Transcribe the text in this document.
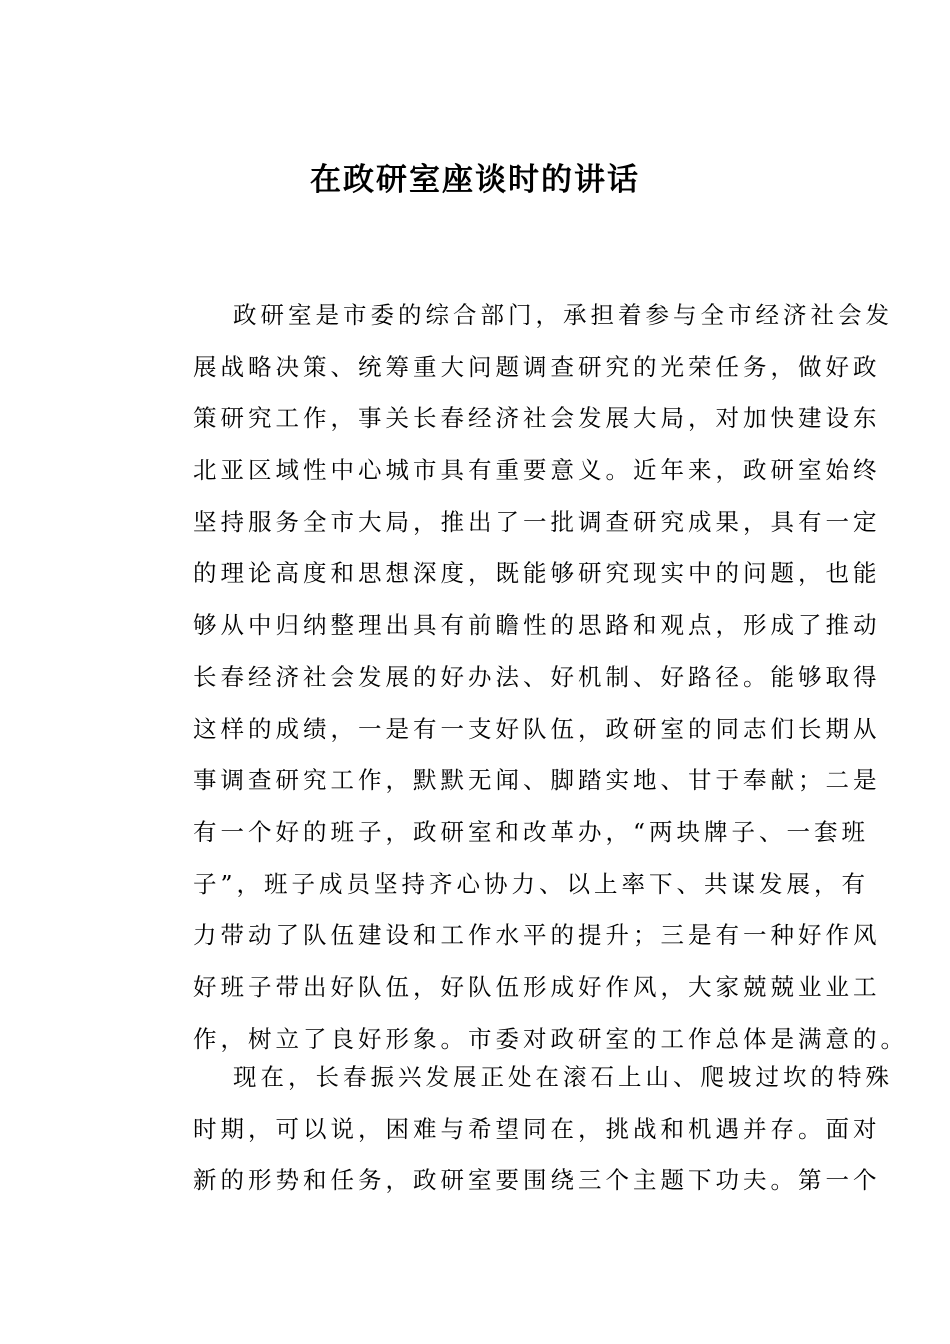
在政研室座谈时的讲话
政研室是市委的综合部门，承担着参与全市经济社会发
展战略决策、统筹重大问题调查研究的光荣任务，做好政
策研究工作，事关长春经济社会发展大局，对加快建设东
北亚区域性中心城市具有重要意义。近年来，政研室始终
坚持服务全市大局，推出了一批调查研究成果，具有一定
的理论高度和思想深度，既能够研究现实中的问题，也能
够从中归纳整理出具有前瞻性的思路和观点，形成了推动
长春经济社会发展的好办法、好机制、好路径。能够取得
这样的成绩，一是有一支好队伍，政研室的同志们长期从
事调查研究工作，默默无闻、脚踏实地、甘于奉献；二是
有一个好的班子，政研室和改革办，“两块牌子、一套班
子”，班子成员坚持齐心协力、以上率下、共谋发展，有
力带动了队伍建设和工作水平的提升；三是有一种好作风
好班子带出好队伍，好队伍形成好作风，大家兢兢业业工
作，树立了良好形象。市委对政研室的工作总体是满意的。
现在，长春振兴发展正处在滚石上山、爬坡过坎的特殊
时期，可以说，困难与希望同在，挑战和机遇并存。面对
新的形势和任务，政研室要围绕三个主题下功夫。第一个
